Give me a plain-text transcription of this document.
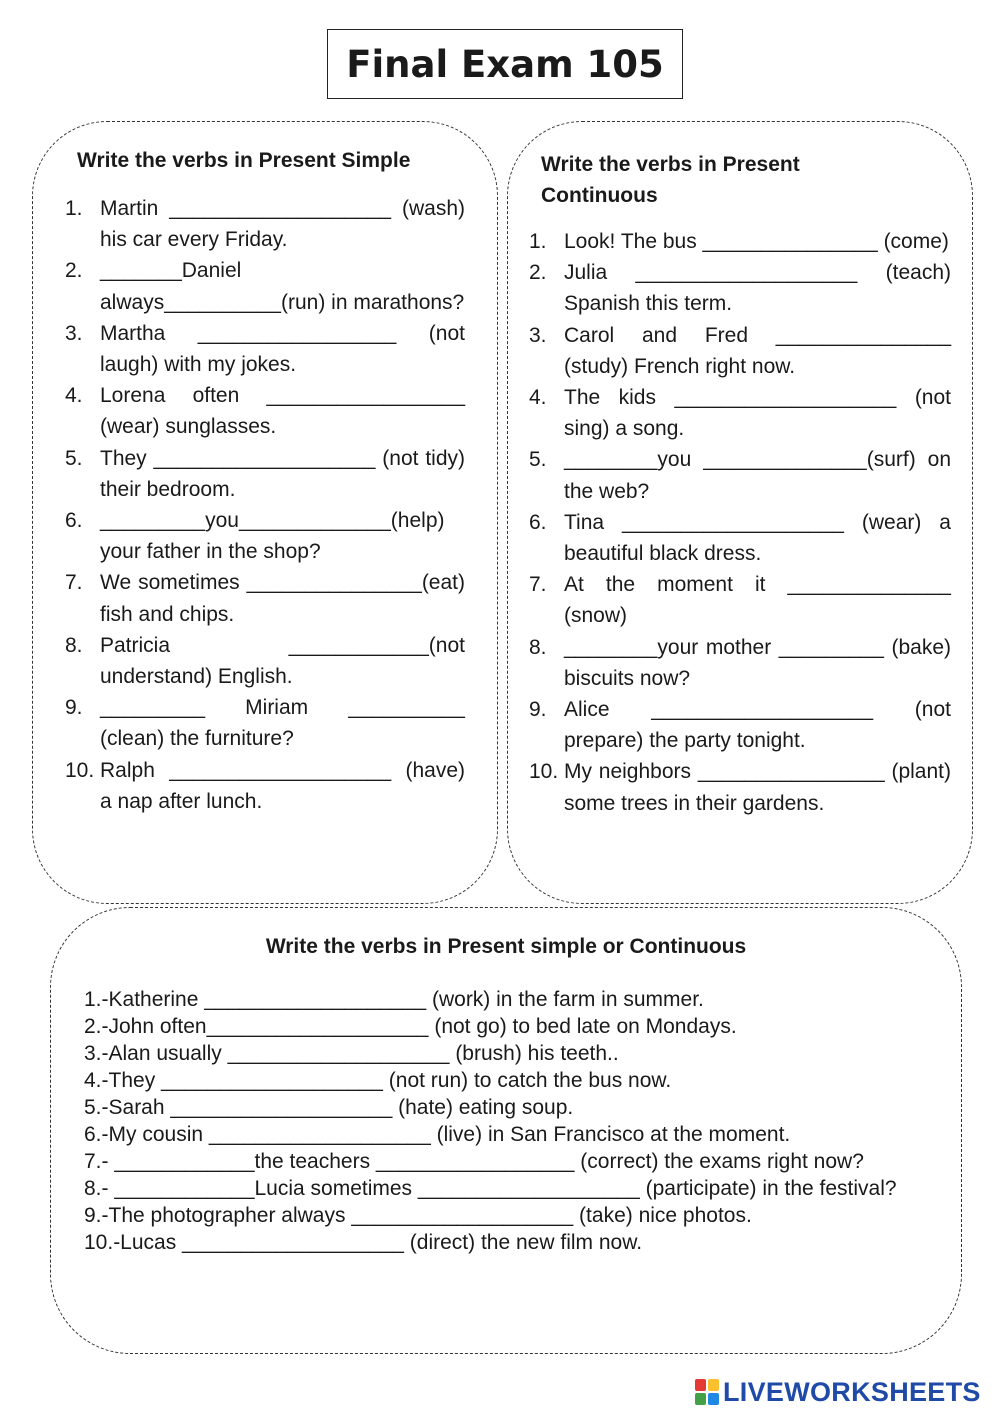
Final Exam 105
Write the verbs in Present Simple
1. Martin ___________________ (wash) his car every Friday.
2. _______Daniel always__________(run) in marathons?
3. Martha _________________ (not laugh) with my jokes.
4. Lorena often _________________ (wear) sunglasses.
5. They ___________________ (not tidy) their bedroom.
6. _________you_____________(help) your father in the shop?
7. We sometimes _______________(eat) fish and chips.
8. Patricia ____________(not understand) English.
9. _________ Miriam __________ (clean) the furniture?
10. Ralph ___________________ (have) a nap after lunch.
Write the verbs in Present Continuous
1. Look! The bus _______________ (come)
2. Julia ___________________ (teach) Spanish this term.
3. Carol and Fred _______________ (study) French right now.
4. The kids ___________________ (not sing) a song.
5. ________you ______________(surf) on the web?
6. Tina ___________________ (wear) a beautiful black dress.
7. At the moment it ______________ (snow)
8. ________your mother _________ (bake) biscuits now?
9. Alice ___________________ (not prepare) the party tonight.
10. My neighbors ________________ (plant) some trees in their gardens.
Write the verbs in Present simple or Continuous
1.-Katherine ___________________ (work) in the farm in summer.
2.-John often___________________ (not go) to bed late on Mondays.
3.-Alan usually ___________________ (brush) his teeth..
4.-They ___________________ (not run) to catch the bus now.
5.-Sarah ___________________ (hate) eating soup.
6.-My cousin ___________________ (live) in San Francisco at the moment.
7.- ____________the teachers _________________ (correct) the exams right now?
8.- ____________Lucia sometimes ___________________ (participate) in the festival?
9.-The photographer always ___________________ (take) nice photos.
10.-Lucas ___________________ (direct) the new film now.
LIVEWORKSHEETS
